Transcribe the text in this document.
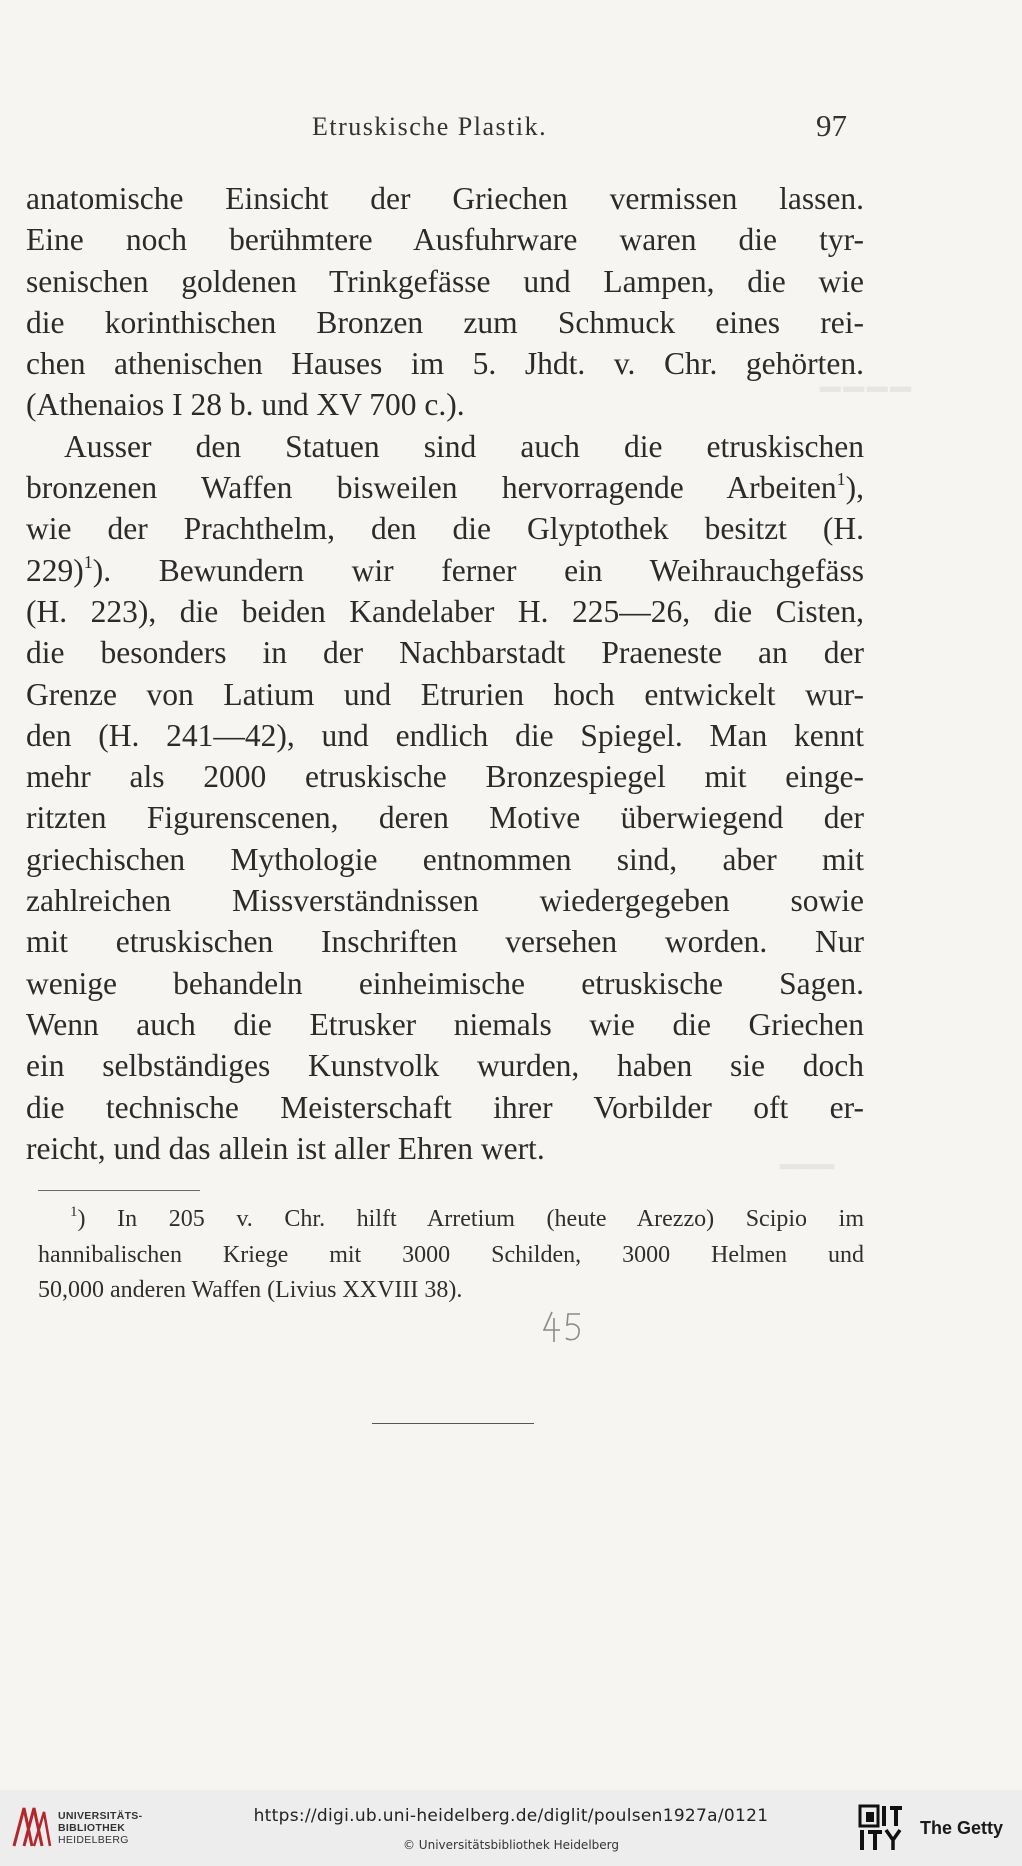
━━━━
Etruskische Plastik.	97
anatomische Einsicht der Griechen vermissen lassen.
Eine noch berühmtere Ausfuhrware waren die tyr-
senischen goldenen Trinkgefässe und Lampen, die wie
die korinthischen Bronzen zum Schmuck eines rei-
chen athenischen Hauses im 5. Jhdt. v. Chr. gehörten.
(Athenaios I 28 b. und XV 700 c.).
Ausser den Statuen sind auch die etruskischen
bronzenen Waffen bisweilen hervorragende Arbeiten$^1$),
wie der Prachthelm, den die Glyptothek besitzt (H.
229)$^1$). Bewundern wir ferner ein Weihrauchgefäss
(H. 223), die beiden Kandelaber H. 225—26, die Cisten,
die besonders in der Nachbarstadt Praeneste an der
Grenze von Latium und Etrurien hoch entwickelt wur-
den (H. 241—42), und endlich die Spiegel. Man kennt
mehr als 2000 etruskische Bronzespiegel mit einge-
ritzten Figurenscenen, deren Motive überwiegend der
griechischen Mythologie entnommen sind, aber mit
zahlreichen Missverständnissen wiedergegeben sowie
mit etruskischen Inschriften versehen worden. Nur
wenige behandeln einheimische etruskische Sagen.
Wenn auch die Etrusker niemals wie die Griechen
ein selbständiges Kunstvolk wurden, haben sie doch
die technische Meisterschaft ihrer Vorbilder oft er-
reicht, und das allein ist aller Ehren wert.
$^1$) In 205 v. Chr. hilft Arretium (heute Arezzo) Scipio im
hannibalischen Kriege mit 3000 Schilden, 3000 Helmen und
50,000 anderen Waffen (Livius XXVIII 38).
45
━━━
UNIVERSITÄTS-
BIBLIOTHEK
HEIDELBERG
https://digi.ub.uni-heidelberg.de/diglit/poulsen1927a/0121
© Universitätsbibliothek Heidelberg
The Getty
